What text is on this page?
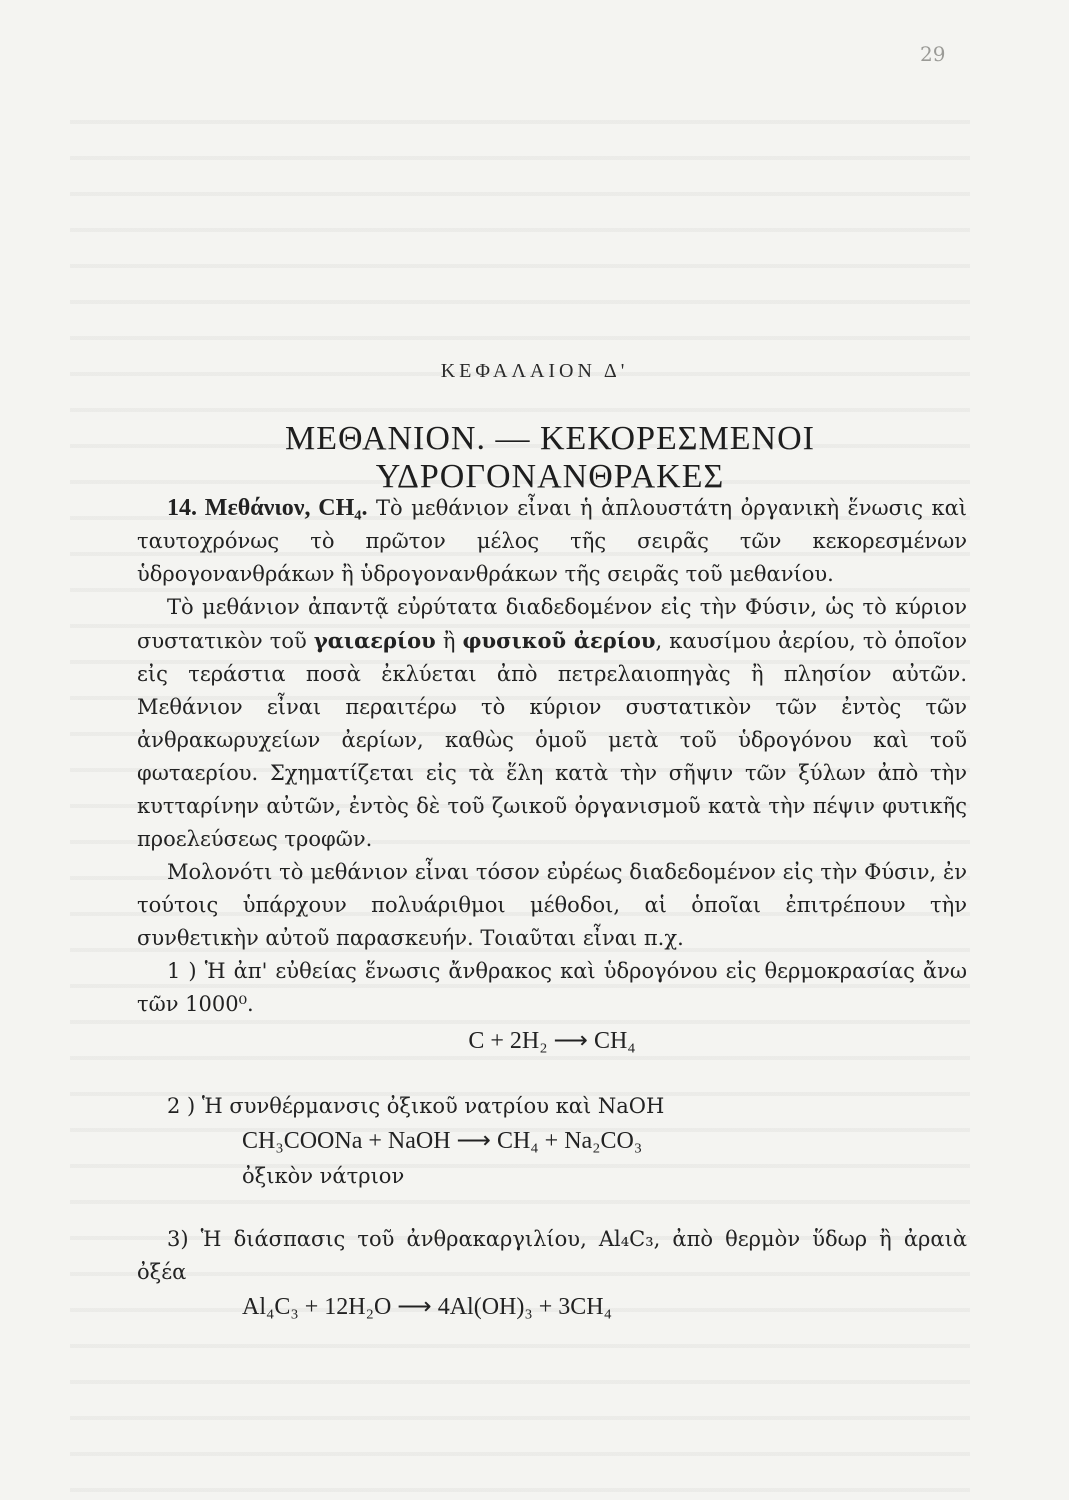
29
ΚΕΦΑΛΑΙΟΝ Δ'
ΜΕΘΑΝΙΟΝ. — ΚΕΚΟΡΕΣΜΕΝΟΙ ΥΔΡΟΓΟΝΑΝΘΡΑΚΕΣ

14. Μεθάνιον, CH₄. Τὸ μεθάνιον εἶναι ἡ ἁπλουστάτη ὀργανικὴ ἕνωσις καὶ ταυτοχρόνως τὸ πρῶτον μέλος τῆς σειρᾶς τῶν κεκορεσμένων ὑδρογονανθράκων ἢ ὑδρογονανθράκων τῆς σειρᾶς τοῦ μεθανίου.

Τὸ μεθάνιον ἀπαντᾷ εὐρύτατα διαδεδομένον εἰς τὴν Φύσιν, ὡς τὸ κύριον συστατικὸν τοῦ γαιαερίου ἢ φυσικοῦ ἀερίου, καυσίμου ἀερίου, τὸ ὁποῖον εἰς τεράστια ποσὰ ἐκλύεται ἀπὸ πετρελαιοπηγὰς ἢ πλησίον αὐτῶν. Μεθάνιον εἶναι περαιτέρω τὸ κύριον συστατικὸν τῶν ἐντὸς τῶν ἀνθρακωρυχείων ἀερίων, καθὼς ὁμοῦ μετὰ τοῦ ὑδρογόνου καὶ τοῦ φωταερίου. Σχηματίζεται εἰς τὰ ἕλη κατὰ τὴν σῆψιν τῶν ξύλων ἀπὸ τὴν κυτταρίνην αὐτῶν, ἐντὸς δὲ τοῦ ζωικοῦ ὀργανισμοῦ κατὰ τὴν πέψιν φυτικῆς προελεύσεως τροφῶν.

Μολονότι τὸ μεθάνιον εἶναι τόσον εὐρέως διαδεδομένον εἰς τὴν Φύσιν, ἐν τούτοις ὑπάρχουν πολυάριθμοι μέθοδοι, αἱ ὁποῖαι ἐπιτρέπουν τὴν συνθετικὴν αὐτοῦ παρασκευήν. Τοιαῦται εἶναι π.χ.

1 ) Ἡ ἀπ' εὐθείας ἕνωσις ἄνθρακος καὶ ὑδρογόνου εἰς θερμοκρασίας ἄνω τῶν 1000⁰.

C + 2H₂ ⟶ CH₄

2 ) Ἡ συνθέρμανσις ὀξικοῦ νατρίου καὶ NaOH

CH₃COONa + NaOH ⟶ CH₄ + Na₂CO₃
ὀξικὸν νάτριον

3) Ἡ διάσπασις τοῦ ἀνθρακαργιλίου, Al₄C₃, ἀπὸ θερμὸν ὕδωρ ἢ ἀραιὰ ὀξέα

Al₄C₃ + 12H₂O ⟶ 4Al(OH)₃ + 3CH₄
